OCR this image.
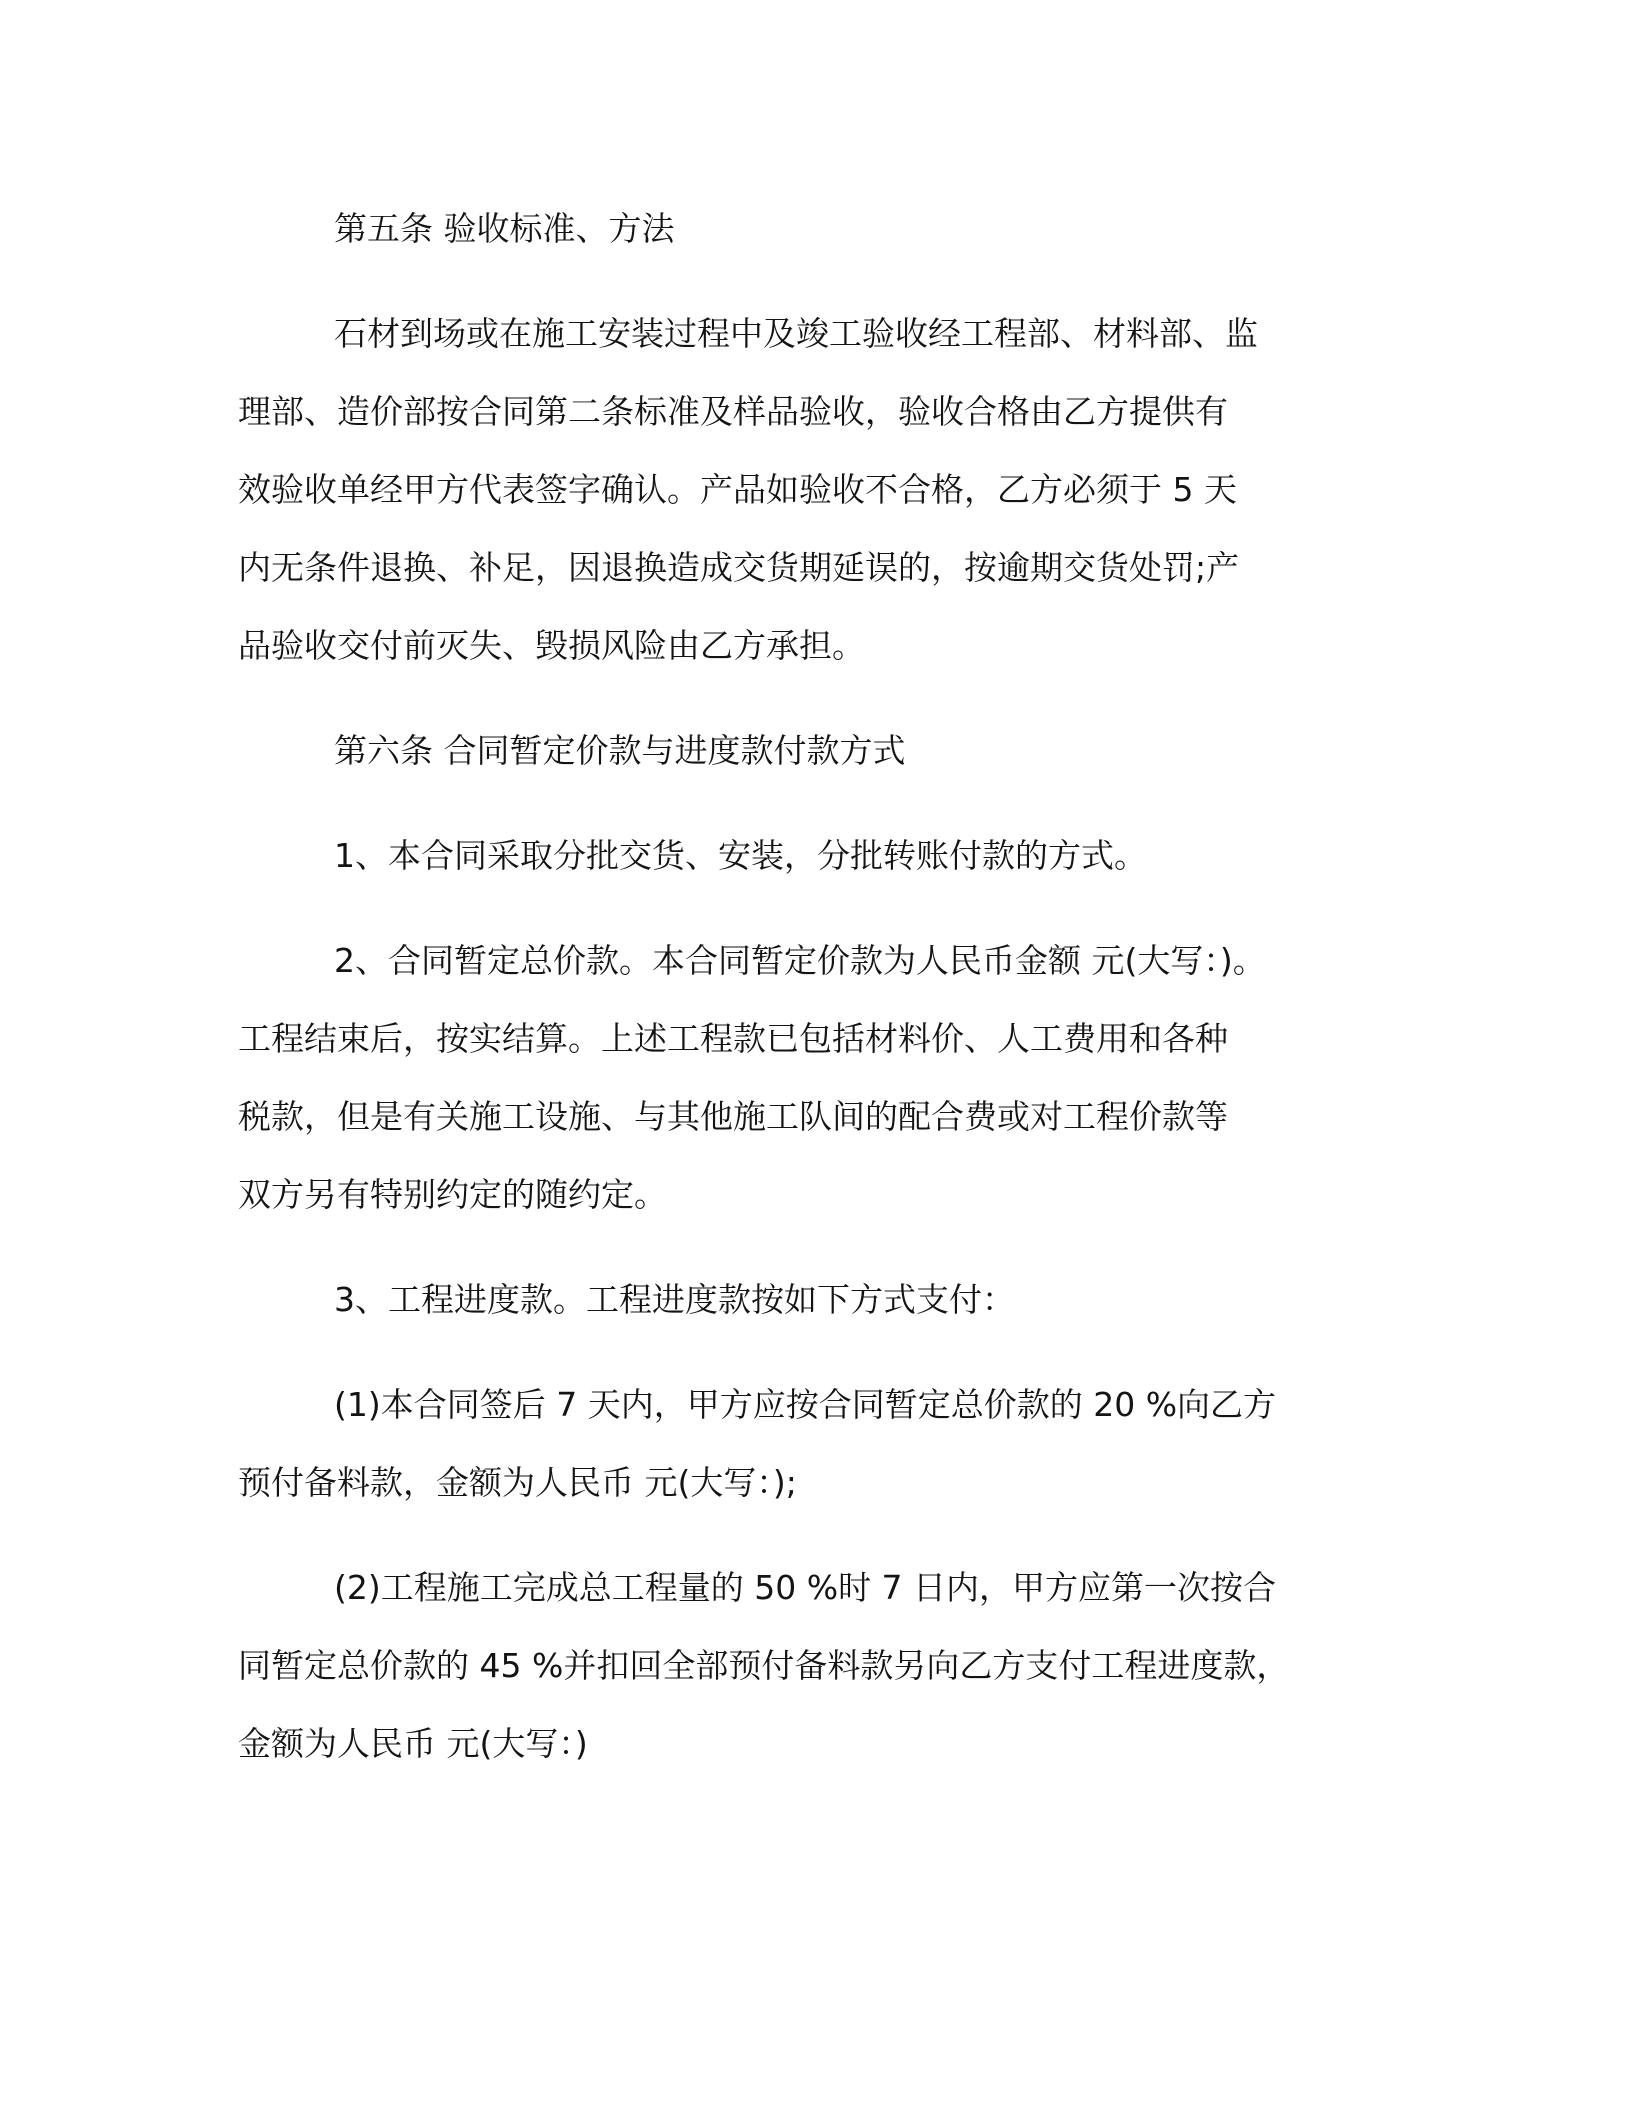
第五条 验收标准、方法

石材到场或在施工安装过程中及竣工验收经工程部、材料部、监
理部、造价部按合同第二条标准及样品验收，验收合格由乙方提供有
效验收单经甲方代表签字确认。产品如验收不合格，乙方必须于 5 天
内无条件退换、补足，因退换造成交货期延误的，按逾期交货处罚;产
品验收交付前灭失、毁损风险由乙方承担。

第六条 合同暂定价款与进度款付款方式

1、本合同采取分批交货、安装，分批转账付款的方式。

2、合同暂定总价款。本合同暂定价款为人民币金额 元(大写：)。
工程结束后，按实结算。上述工程款已包括材料价、人工费用和各种
税款，但是有关施工设施、与其他施工队间的配合费或对工程价款等
双方另有特别约定的随约定。

3、工程进度款。工程进度款按如下方式支付：

(1)本合同签后 7 天内，甲方应按合同暂定总价款的 20 %向乙方
预付备料款，金额为人民币 元(大写：);

(2)工程施工完成总工程量的 50 %时 7 日内，甲方应第一次按合
同暂定总价款的 45 %并扣回全部预付备料款另向乙方支付工程进度款，
金额为人民币 元(大写：)
